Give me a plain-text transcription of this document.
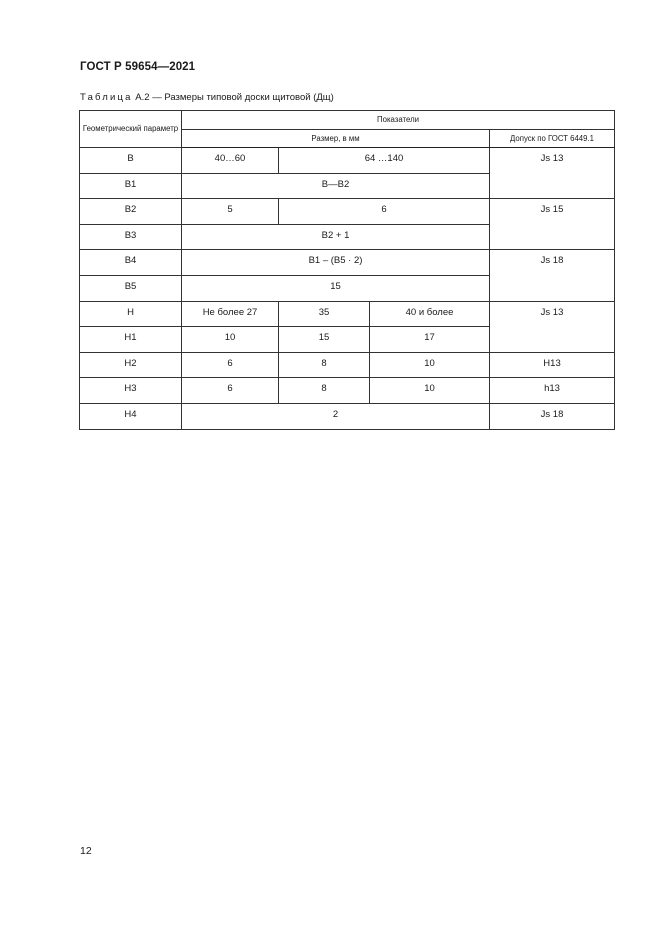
ГОСТ Р 59654—2021
Таблица А.2 — Размеры типовой доски щитовой (Дщ)
Геометрический параметр	Показатели			
	Размер, в мм			Допуск по ГОСТ 6449.1
B	40…60	64 …140		Js 13
B1	B—B2			
B2	5	6		Js 15
B3	B2 + 1			
B4	B1 – (B5 · 2)			Js 18
B5	15			
H	Не более 27	35	40 и более	Js 13
H1	10	15	17	
H2	6	8	10	H13
H3	6	8	10	h13
H4	2			Js 18
12
